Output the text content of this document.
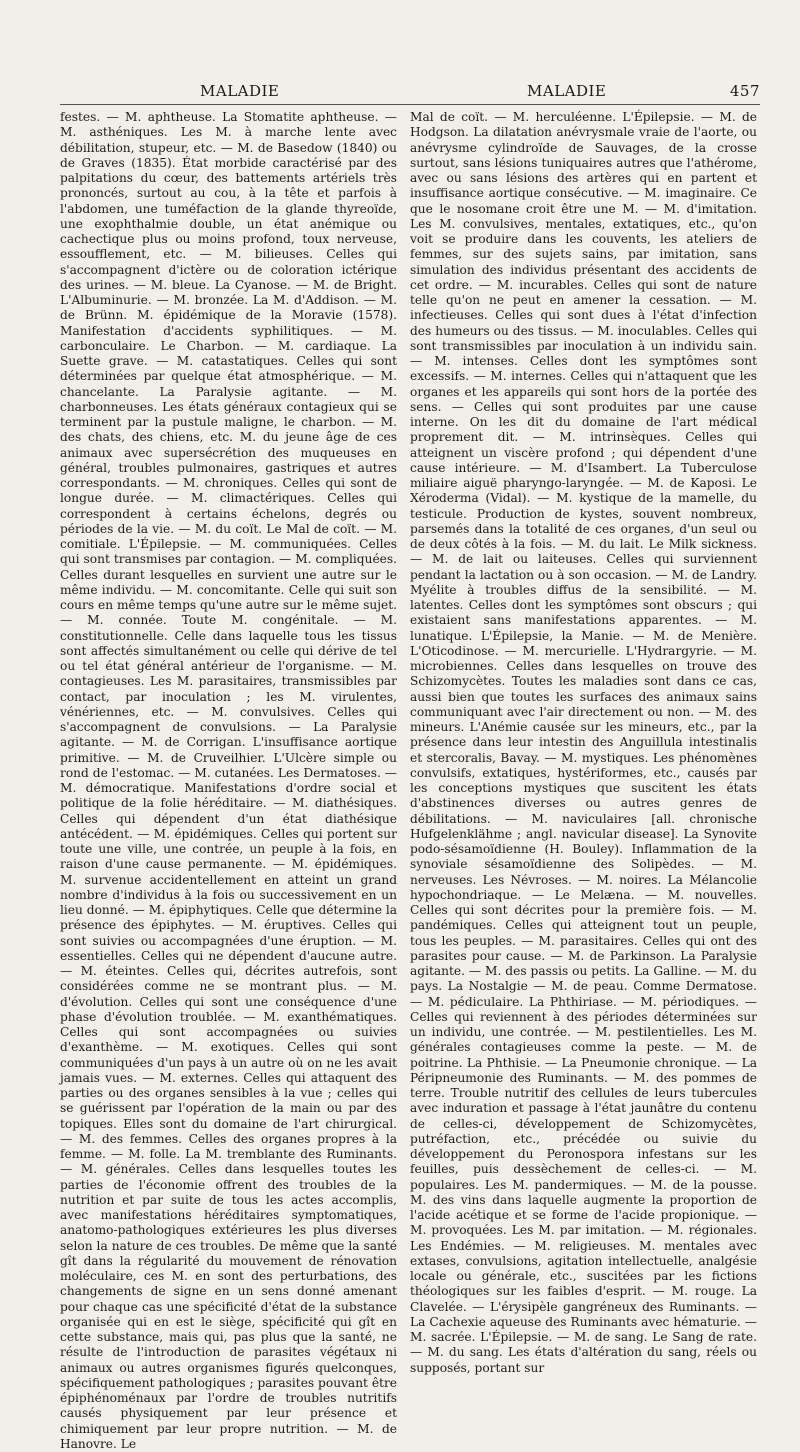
MALADIE	MALADIE	457

festes. — M. aphtheuse. La Stomatite aphtheuse. — M. asthéniques. Les M. à marche lente avec débilitation, stupeur, etc. — M. de Basedow (1840) ou de Graves (1835). État morbide caractérisé par des palpitations du cœur, des battements artériels très prononcés, surtout au cou, à la tête et parfois à l'abdomen, une tuméfaction de la glande thyreoïde, une exophthalmie double, un état anémique ou cachectique plus ou moins profond, toux nerveuse, essoufflement, etc. — M. bilieuses. Celles qui s'accompagnent d'ictère ou de coloration ictérique des urines. — M. bleue. La Cyanose. — M. de Bright. L'Albuminurie. — M. bronzée. La M. d'Addison. — M. de Brünn. M. épidémique de la Moravie (1578). Manifestation d'accidents syphilitiques. — M. carbonculaire. Le Charbon. — M. cardiaque. La Suette grave. — M. catastatiques. Celles qui sont déterminées par quelque état atmosphérique. — M. chancelante. La Paralysie agitante. — M. charbonneuses. Les états généraux contagieux qui se terminent par la pustule maligne, le charbon. — M. des chats, des chiens, etc. M. du jeune âge de ces animaux avec supersécrétion des muqueuses en général, troubles pulmonaires, gastriques et autres correspondants. — M. chroniques. Celles qui sont de longue durée. — M. climactériques. Celles qui correspondent à certains échelons, degrés ou périodes de la vie. — M. du coït. Le Mal de coït. — M. comitiale. L'Épilepsie. — M. communiquées. Celles qui sont transmises par contagion. — M. compliquées. Celles durant lesquelles en survient une autre sur le même individu. — M. concomitante. Celle qui suit son cours en même temps qu'une autre sur le même sujet. — M. connée. Toute M. congénitale. — M. constitutionnelle. Celle dans laquelle tous les tissus sont affectés simultanément ou celle qui dérive de tel ou tel état général antérieur de l'organisme. — M. contagieuses. Les M. parasitaires, transmissibles par contact, par inoculation ; les M. virulentes, vénériennes, etc. — M. convulsives. Celles qui s'accompagnent de convulsions. — La Paralysie agitante. — M. de Corrigan. L'insuffisance aortique primitive. — M. de Cruveilhier. L'Ulcère simple ou rond de l'estomac. — M. cutanées. Les Dermatoses. — M. démocratique. Manifestations d'ordre social et politique de la folie héréditaire. — M. diathésiques. Celles qui dépendent d'un état diathésique antécédent. — M. épidémiques. Celles qui portent sur toute une ville, une contrée, un peuple à la fois, en raison d'une cause permanente. — M. épidémiques. M. survenue accidentellement en atteint un grand nombre d'individus à la fois ou successivement en un lieu donné. — M. épiphytiques. Celle que détermine la présence des épiphytes. — M. éruptives. Celles qui sont suivies ou accompagnées d'une éruption. — M. essentielles. Celles qui ne dépendent d'aucune autre. — M. éteintes. Celles qui, décrites autrefois, sont considérées comme ne se montrant plus. — M. d'évolution. Celles qui sont une conséquence d'une phase d'évolution troublée. — M. exanthématiques. Celles qui sont accompagnées ou suivies d'exanthème. — M. exotiques. Celles qui sont communiquées d'un pays à un autre où on ne les avait jamais vues. — M. externes. Celles qui attaquent des parties ou des organes sensibles à la vue ; celles qui se guérissent par l'opération de la main ou par des topiques. Elles sont du domaine de l'art chirurgical. — M. des femmes. Celles des organes propres à la femme. — M. folle. La M. tremblante des Ruminants. — M. générales. Celles dans lesquelles toutes les parties de l'économie offrent des troubles de la nutrition et par suite de tous les actes accomplis, avec manifestations héréditaires symptomatiques, anatomo-pathologiques extérieures les plus diverses selon la nature de ces troubles. De même que la santé gît dans la régularité du mouvement de rénovation moléculaire, ces M. en sont des perturbations, des changements de signe en un sens donné amenant pour chaque cas une spécificité d'état de la substance organisée qui en est le siège, spécificité qui gît en cette substance, mais qui, pas plus que la santé, ne résulte de l'introduction de parasites végétaux ni animaux ou autres organismes figurés quelconques, spécifiquement pathologiques ; parasites pouvant être épiphénoménaux par l'ordre de troubles nutritifs causés physiquement par leur présence et chimiquement par leur propre nutrition. — M. de Hanovre. Le

Mal de coït. — M. herculéenne. L'Épilepsie. — M. de Hodgson. La dilatation anévrysmale vraie de l'aorte, ou anévrysme cylindroïde de Sauvages, de la crosse surtout, sans lésions tuniquaires autres que l'athérome, avec ou sans lésions des artères qui en partent et insuffisance aortique consécutive. — M. imaginaire. Ce que le nosomane croit être une M. — M. d'imitation. Les M. convulsives, mentales, extatiques, etc., qu'on voit se produire dans les couvents, les ateliers de femmes, sur des sujets sains, par imitation, sans simulation des individus présentant des accidents de cet ordre. — M. incurables. Celles qui sont de nature telle qu'on ne peut en amener la cessation. — M. infectieuses. Celles qui sont dues à l'état d'infection des humeurs ou des tissus. — M. inoculables. Celles qui sont transmissibles par inoculation à un individu sain. — M. intenses. Celles dont les symptômes sont excessifs. — M. internes. Celles qui n'attaquent que les organes et les appareils qui sont hors de la portée des sens. — Celles qui sont produites par une cause interne. On les dit du domaine de l'art médical proprement dit. — M. intrinsèques. Celles qui atteignent un viscère profond ; qui dépendent d'une cause intérieure. — M. d'Isambert. La Tuberculose miliaire aiguë pharyngo-laryngée. — M. de Kaposi. Le Xéroderma (Vidal). — M. kystique de la mamelle, du testicule. Production de kystes, souvent nombreux, parsemés dans la totalité de ces organes, d'un seul ou de deux côtés à la fois. — M. du lait. Le Milk sickness. — M. de lait ou laiteuses. Celles qui surviennent pendant la lactation ou à son occasion. — M. de Landry. Myélite à troubles diffus de la sensibilité. — M. latentes. Celles dont les symptômes sont obscurs ; qui existaient sans manifestations apparentes. — M. lunatique. L'Épilepsie, la Manie. — M. de Menière. L'Oticodinose. — M. mercurielle. L'Hydrargyrie. — M. microbiennes. Celles dans lesquelles on trouve des Schizomycètes. Toutes les maladies sont dans ce cas, aussi bien que toutes les surfaces des animaux sains communiquant avec l'air directement ou non. — M. des mineurs. L'Anémie causée sur les mineurs, etc., par la présence dans leur intestin des Anguillula intestinalis et stercoralis, Bavay. — M. mystiques. Les phénomènes convulsifs, extatiques, hystériformes, etc., causés par les conceptions mystiques que suscitent les états d'abstinences diverses ou autres genres de débilitations. — M. naviculaires [all. chronische Hufgelenklähme ; angl. navicular disease]. La Synovite podo-sésamoïdienne (H. Bouley). Inflammation de la synoviale sésamoïdienne des Solipèdes. — M. nerveuses. Les Névroses. — M. noires. La Mélancolie hypochondriaque. — Le Melæna. — M. nouvelles. Celles qui sont décrites pour la première fois. — M. pandémiques. Celles qui atteignent tout un peuple, tous les peuples. — M. parasitaires. Celles qui ont des parasites pour cause. — M. de Parkinson. La Paralysie agitante. — M. des passis ou petits. La Galline. — M. du pays. La Nostalgie — M. de peau. Comme Dermatose. — M. pédiculaire. La Phthiriase. — M. périodiques. — Celles qui reviennent à des périodes déterminées sur un individu, une contrée. — M. pestilentielles. Les M. générales contagieuses comme la peste. — M. de poitrine. La Phthisie. — La Pneumonie chronique. — La Péripneumonie des Ruminants. — M. des pommes de terre. Trouble nutritif des cellules de leurs tubercules avec induration et passage à l'état jaunâtre du contenu de celles-ci, développement de Schizomycètes, putréfaction, etc., précédée ou suivie du développement du Peronospora infestans sur les feuilles, puis dessèchement de celles-ci. — M. populaires. Les M. pandermiques. — M. de la pousse. M. des vins dans laquelle augmente la proportion de l'acide acétique et se forme de l'acide propionique. — M. provoquées. Les M. par imitation. — M. régionales. Les Endémies. — M. religieuses. M. mentales avec extases, convulsions, agitation intellectuelle, analgésie locale ou générale, etc., suscitées par les fictions théologiques sur les faibles d'esprit. — M. rouge. La Clavelée. — L'érysipèle gangréneux des Ruminants. — La Cachexie aqueuse des Ruminants avec hématurie. — M. sacrée. L'Épilepsie. — M. de sang. Le Sang de rate. — M. du sang. Les états d'altération du sang, réels ou supposés, portant sur
